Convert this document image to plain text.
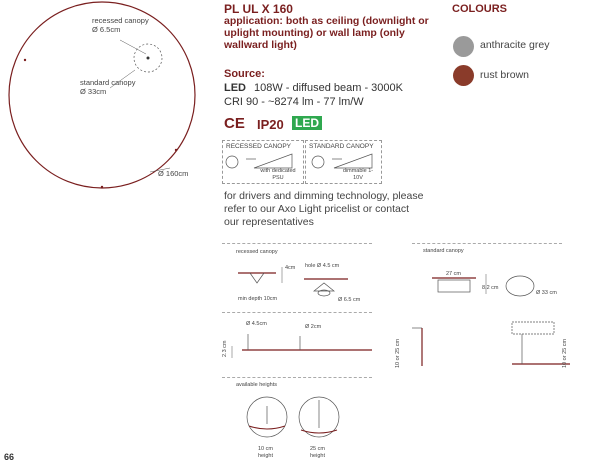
recessed canopy
Ø 6.5cm
standard canopy
Ø 33cm
Ø 160cm
PL UL X 160
application: both as ceiling (downlight or uplight mounting) or wall lamp (only wallward light)
COLOURS
anthracite grey
rust brown
Source:
LED 108W - diffused beam - 3000K
CRI 90 - ~8274 lm - 77 lm/W
CE IP20 LED
RECESSED CANOPY	STANDARD CANOPY
with dedicated PSU
dimmable 1-10V
for drivers and dimming technology, please refer to our Axo Light pricelist or contact our representatives
recessed canopy	standard canopy
4cm hole Ø 4.5 cm
min depth 10cm	Ø 6.5 cm
27 cm
8.2 cm
Ø 33 cm
Ø 4.5cm	Ø 2cm
2.3 cm	10 or 25 cm	10 or 25 cm
available heights
10 cm
height
25 cm
height
66
